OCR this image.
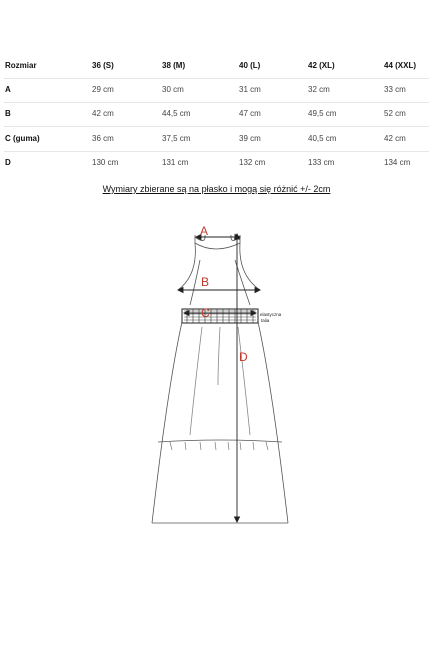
Rozmiar	36 (S)	38 (M)	40 (L)	42 (XL)	44 (XXL)
A	29 cm	30 cm	31 cm	32 cm	33 cm
B	42 cm	44,5 cm	47 cm	49,5 cm	52 cm
C (guma)	36 cm	37,5 cm	39 cm	40,5 cm	42 cm
D	130 cm	131 cm	132 cm	133 cm	134 cm
Wymiary zbierane są na płasko i mogą się różnić +/- 2cm
A
B
C
D
elastyczna
talia
